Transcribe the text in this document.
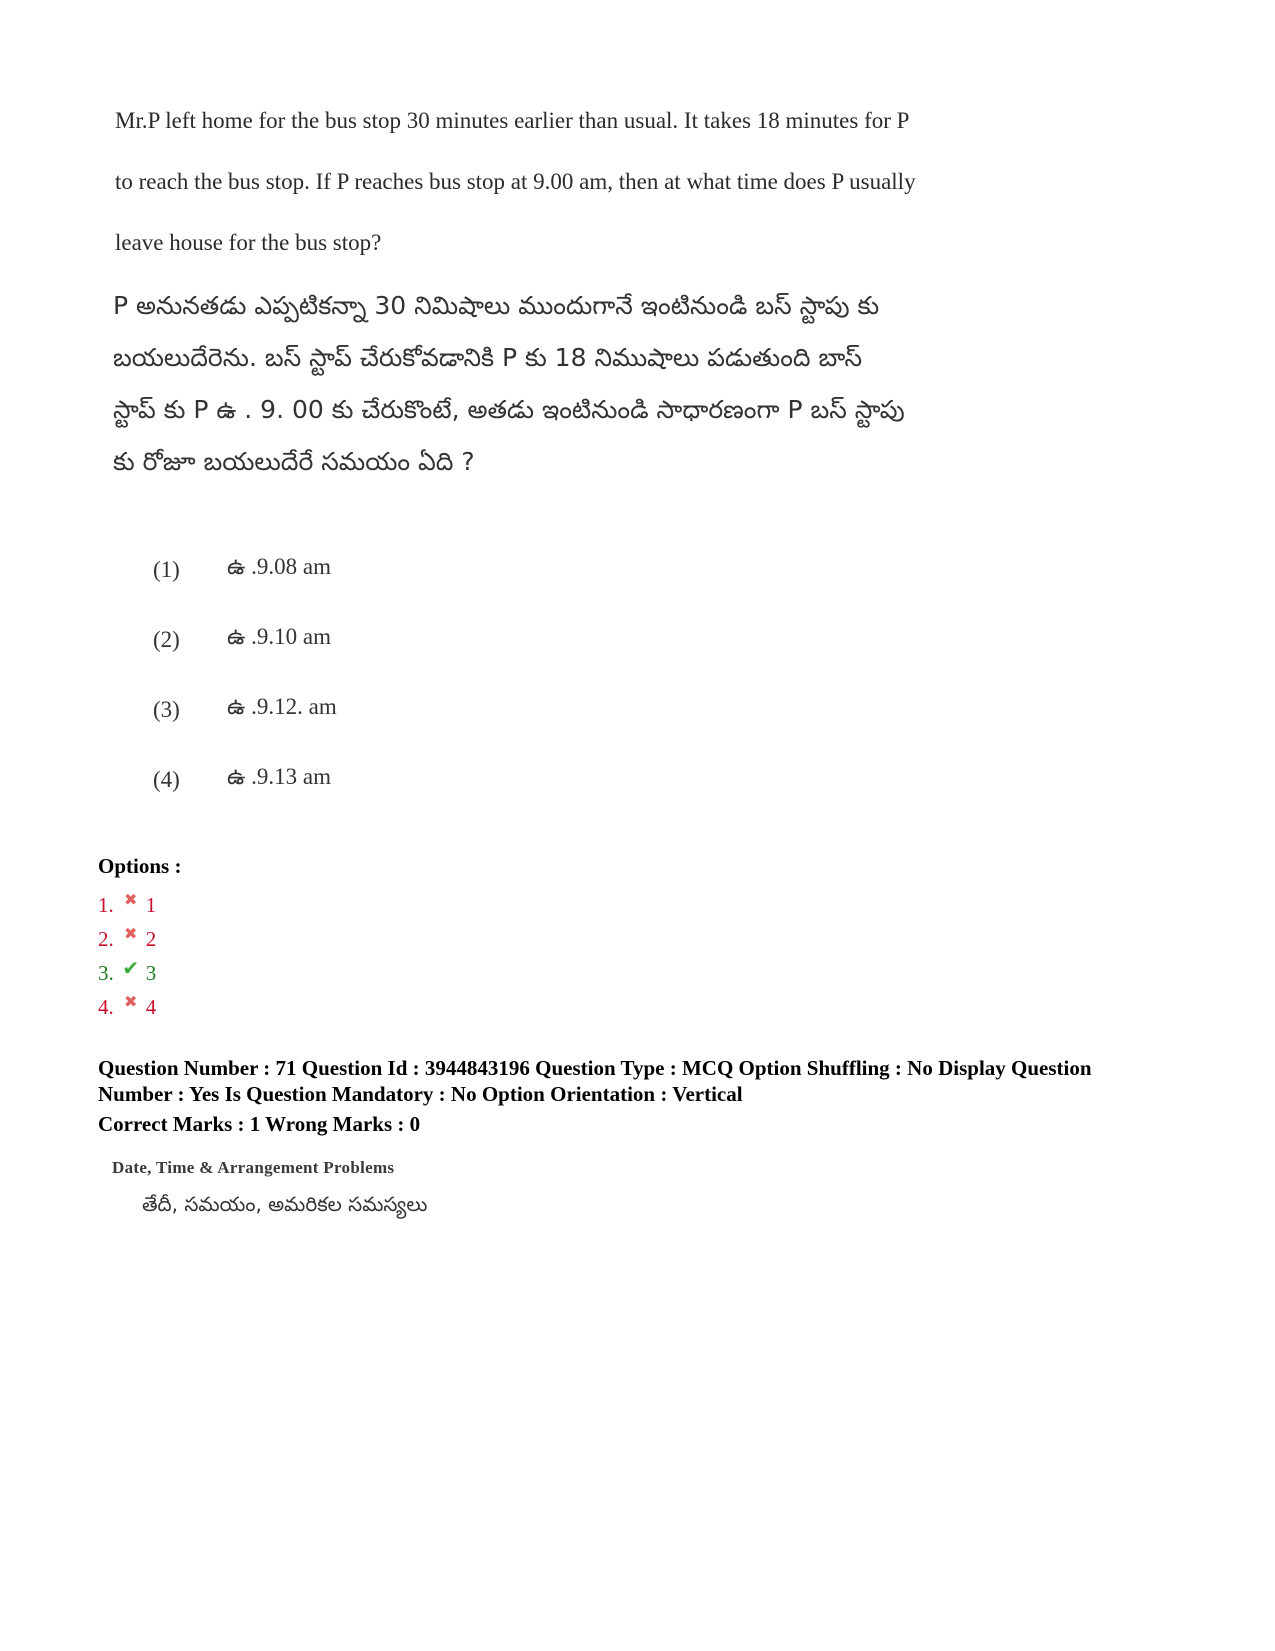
Mr.P left home for the bus stop 30 minutes earlier than usual. It takes 18 minutes for P
to reach the bus stop. If P reaches bus stop at 9.00 am, then at what time does P usually
leave house for the bus stop?
P అనునతడు ఎప్పటికన్నా 30 నిమిషాలు ముందుగానే ఇంటినుండి బస్ స్టాపు కు
బయలుదేరెను. బస్ స్టాప్ చేరుకోవడానికి P కు 18 నిముషాలు పడుతుంది బాస్
స్టాప్ కు P ఉ . 9. 00 కు చేరుకొంటే, అతడు ఇంటినుండి సాధారణంగా P బస్ స్టాపు
కు రోజూ బయలుదేరే సమయం ఏది ?
(1)	ఉ .9.08 am
(2)	ఉ .9.10 am
(3)	ఉ .9.12. am
(4)	ఉ .9.13 am
Options :
1. ✖ 1
2. ✖ 2
3. ✔ 3
4. ✖ 4
Question Number : 71 Question Id : 3944843196 Question Type : MCQ Option Shuffling : No Display Question
Number : Yes Is Question Mandatory : No Option Orientation : Vertical
Correct Marks : 1 Wrong Marks : 0
Date, Time & Arrangement Problems
తేదీ, సమయం, అమరికల సమస్యలు
